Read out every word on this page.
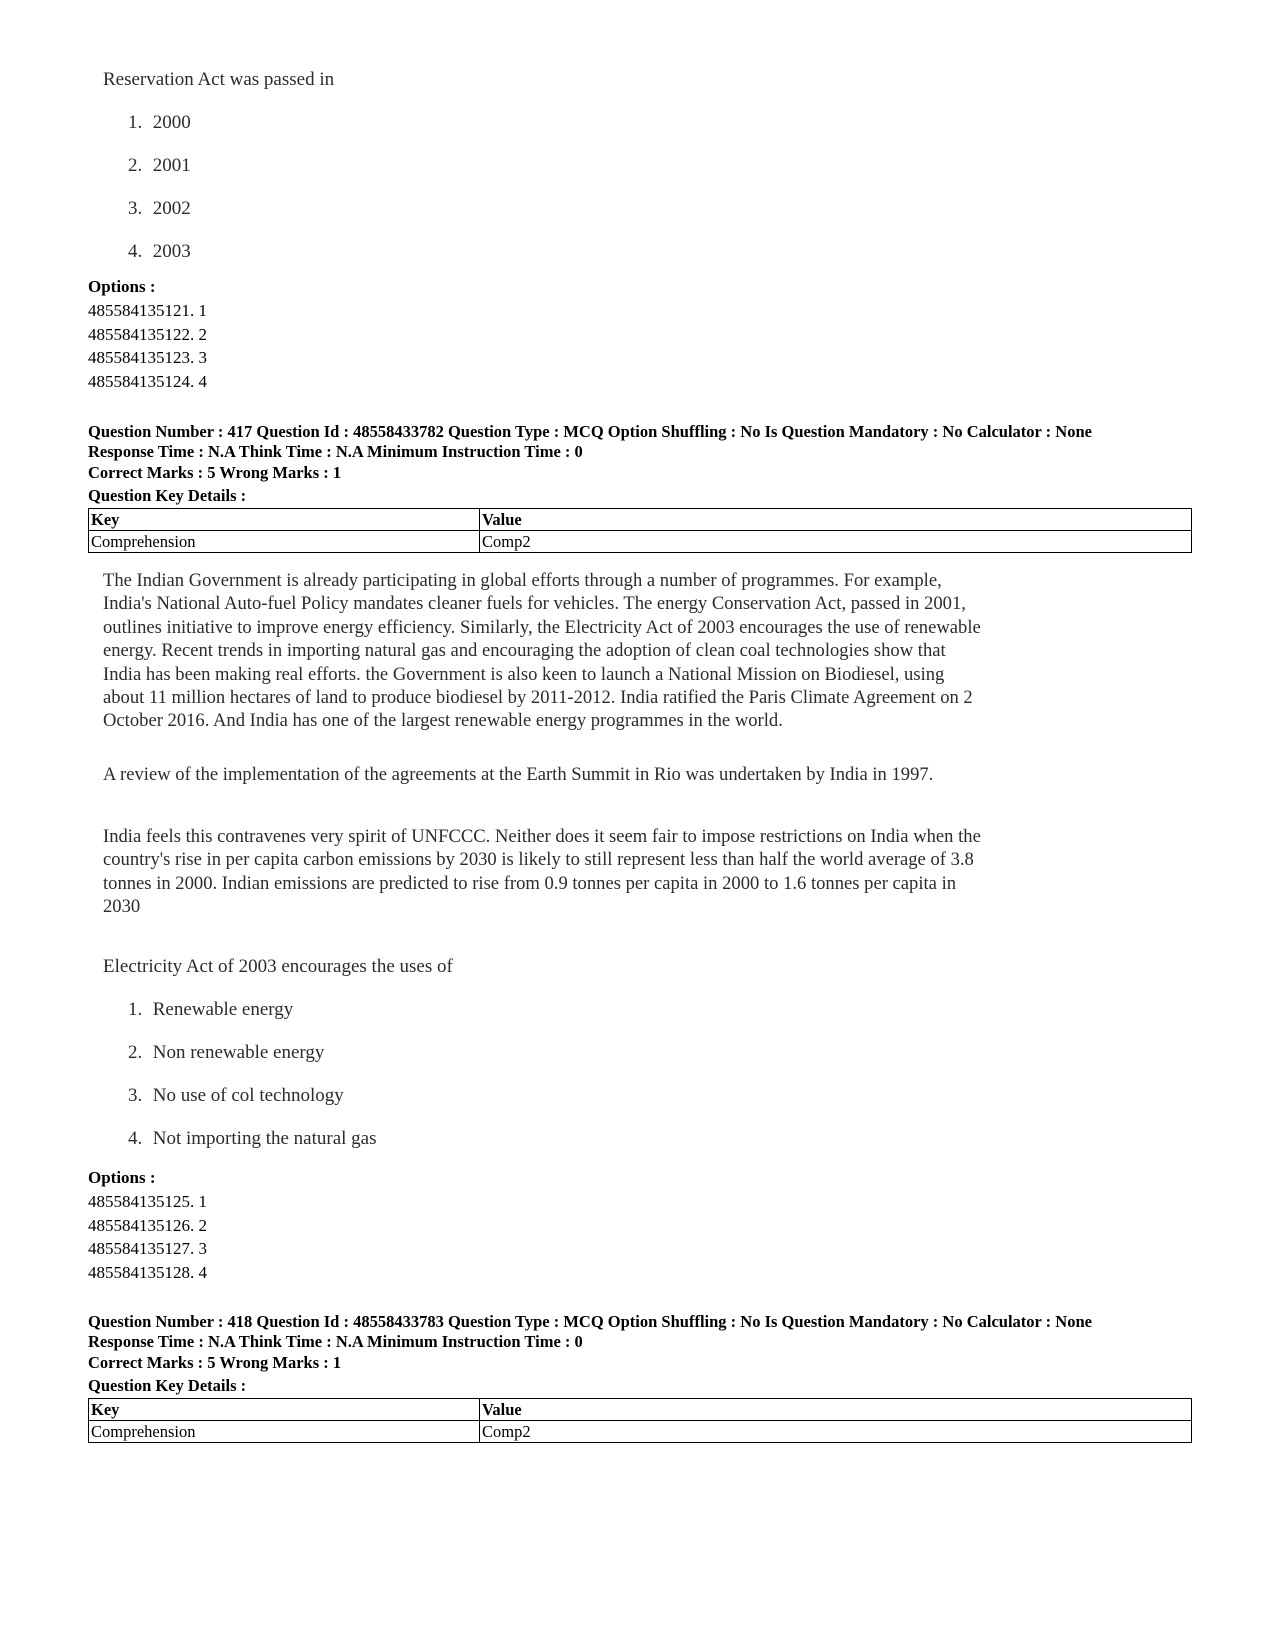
Reservation Act was passed in
1. 2000
2. 2001
3. 2002
4. 2003
Options :
485584135121. 1
485584135122. 2
485584135123. 3
485584135124. 4
Question Number : 417 Question Id : 48558433782 Question Type : MCQ Option Shuffling : No Is Question Mandatory : No Calculator : None
Response Time : N.A Think Time : N.A Minimum Instruction Time : 0
Correct Marks : 5 Wrong Marks : 1
Question Key Details :
Key	Value
Comprehension	Comp2

The Indian Government is already participating in global efforts through a number of programmes. For example, India's National Auto-fuel Policy mandates cleaner fuels for vehicles. The energy Conservation Act, passed in 2001, outlines initiative to improve energy efficiency. Similarly, the Electricity Act of 2003 encourages the use of renewable energy. Recent trends in importing natural gas and encouraging the adoption of clean coal technologies show that India has been making real efforts. the Government is also keen to launch a National Mission on Biodiesel, using about 11 million hectares of land to produce biodiesel by 2011-2012. India ratified the Paris Climate Agreement on 2 October 2016. And India has one of the largest renewable energy programmes in the world.

A review of the implementation of the agreements at the Earth Summit in Rio was undertaken by India in 1997.

India feels this contravenes very spirit of UNFCCC. Neither does it seem fair to impose restrictions on India when the country's rise in per capita carbon emissions by 2030 is likely to still represent less than half the world average of 3.8 tonnes in 2000. Indian emissions are predicted to rise from 0.9 tonnes per capita in 2000 to 1.6 tonnes per capita in 2030

Electricity Act of 2003 encourages the uses of
1. Renewable energy
2. Non renewable energy
3. No use of col technology
4. Not importing the natural gas
Options :
485584135125. 1
485584135126. 2
485584135127. 3
485584135128. 4
Question Number : 418 Question Id : 48558433783 Question Type : MCQ Option Shuffling : No Is Question Mandatory : No Calculator : None
Response Time : N.A Think Time : N.A Minimum Instruction Time : 0
Correct Marks : 5 Wrong Marks : 1
Question Key Details :
Key	Value
Comprehension	Comp2
